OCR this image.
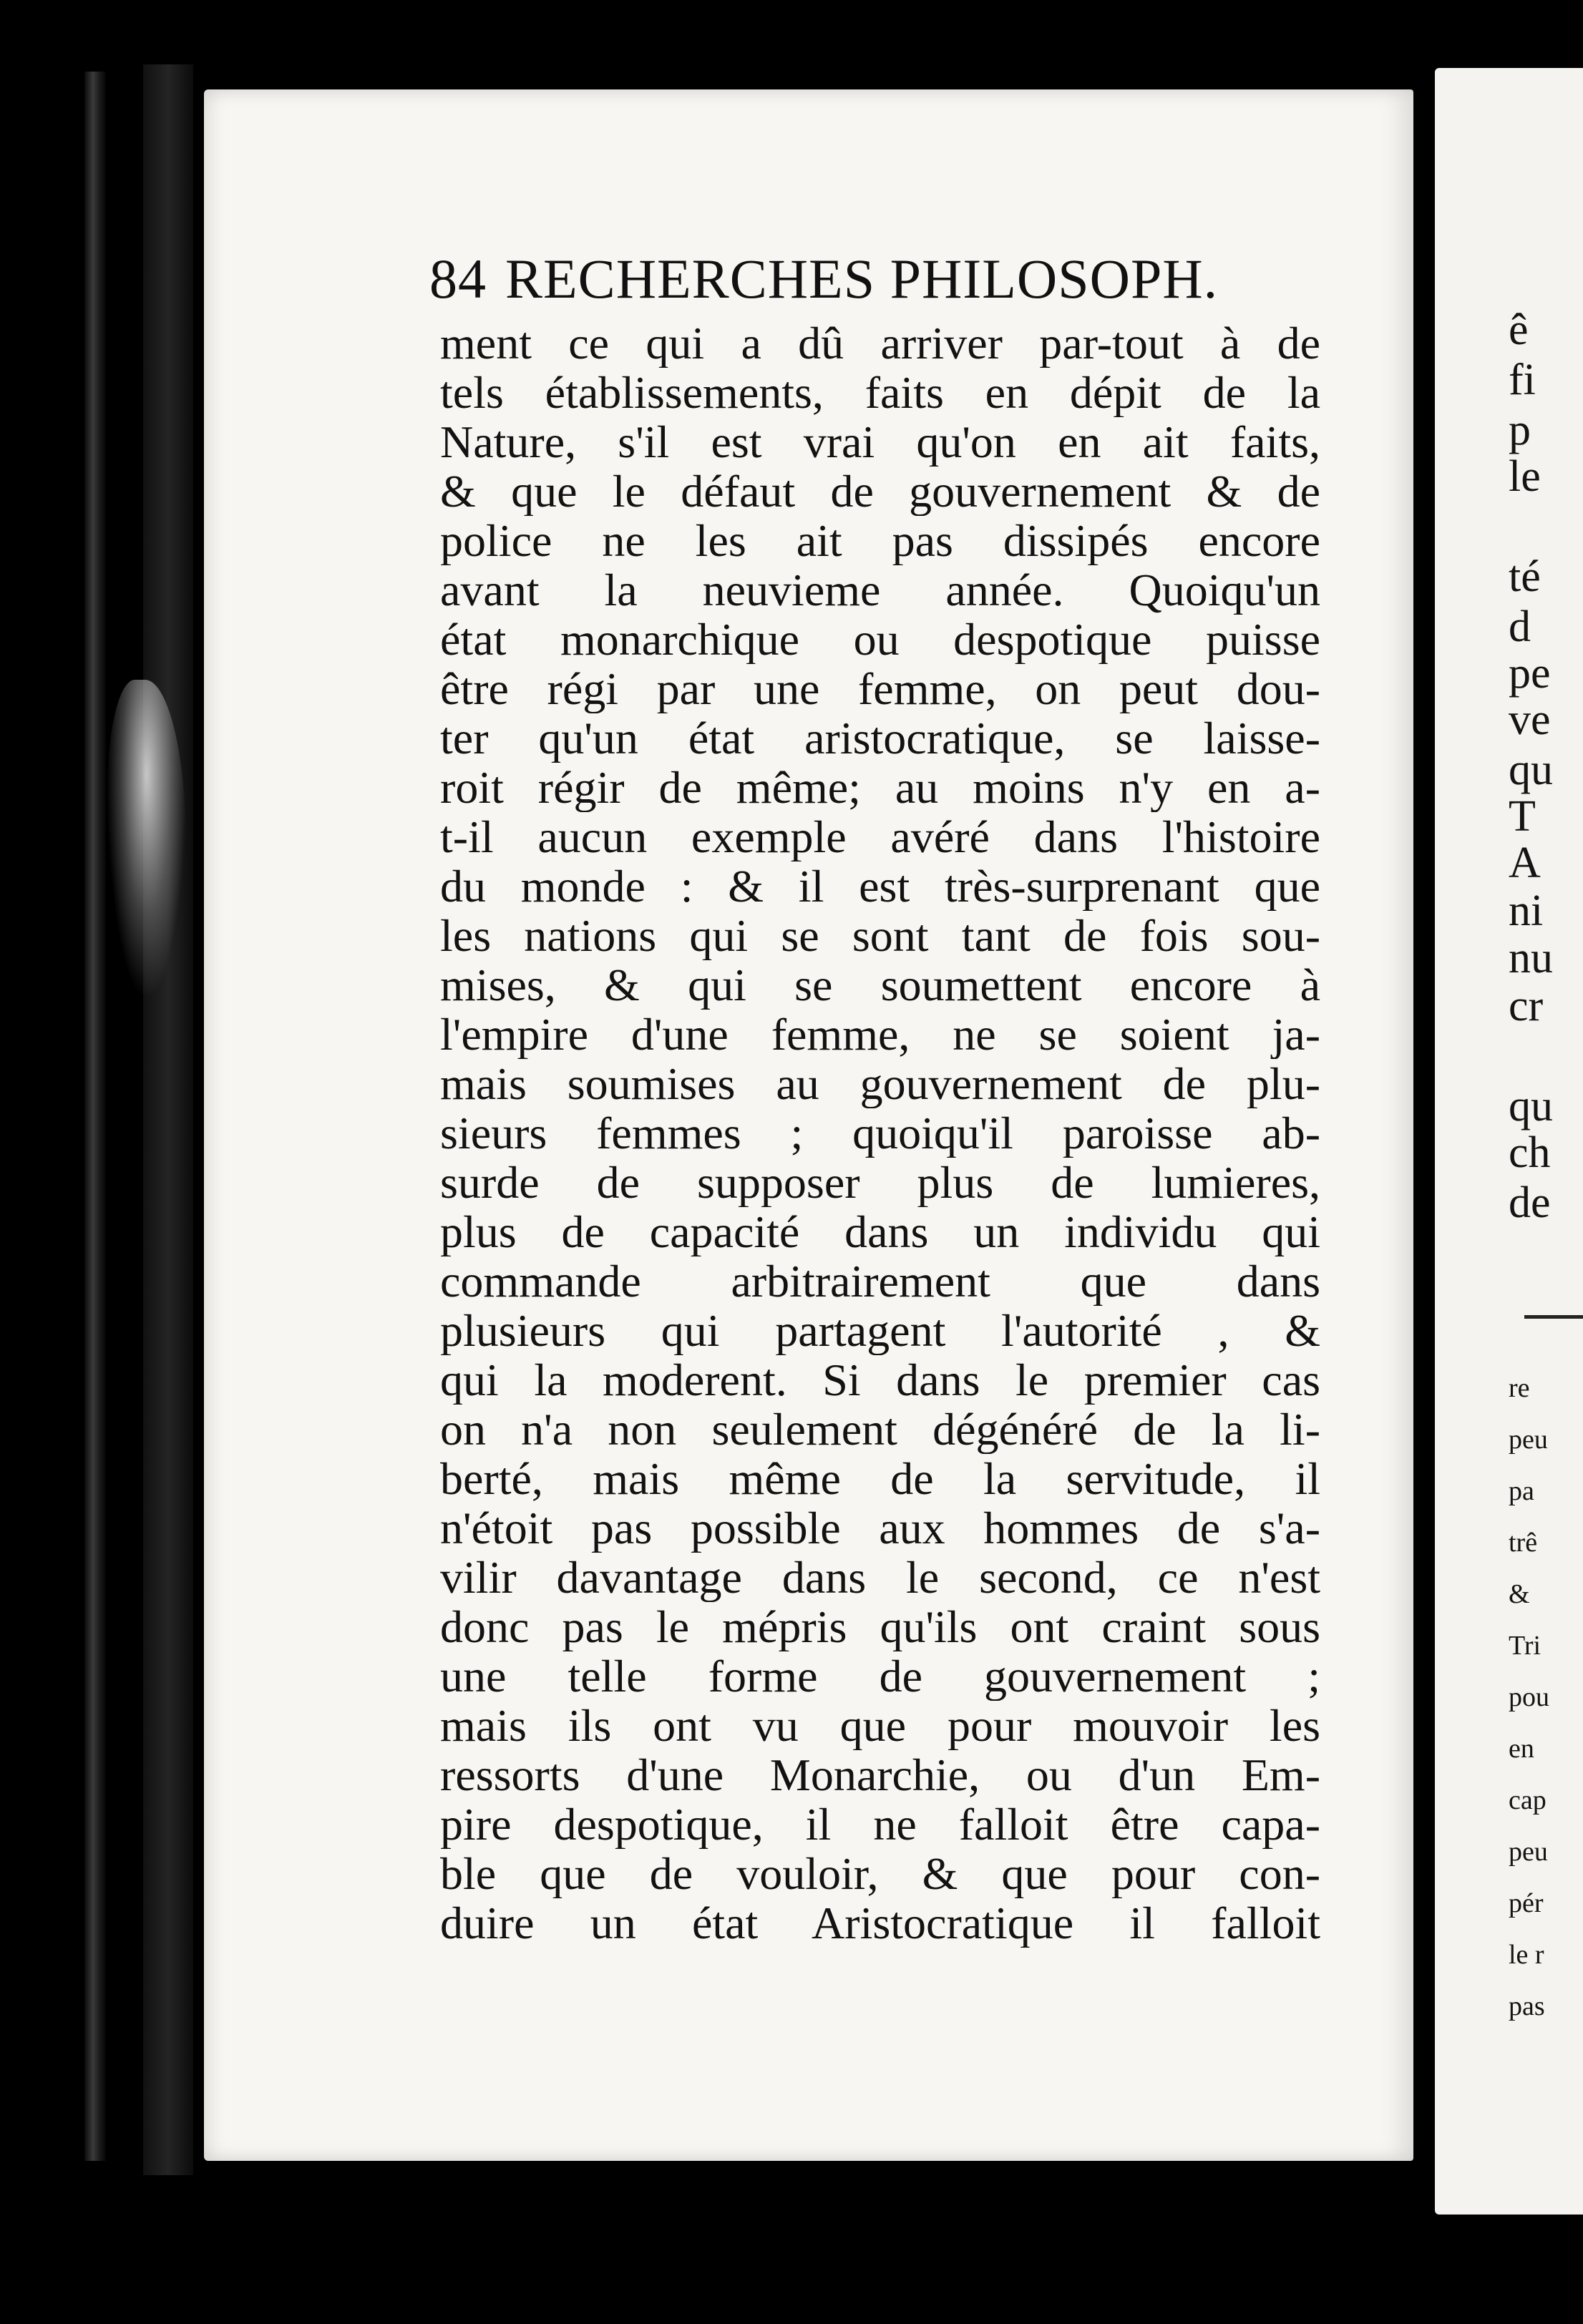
84 RECHERCHES PHILOSOPH.
ment ce qui a dû arriver par-tout à de
tels établissements, faits en dépit de la
Nature, s'il est vrai qu'on en ait faits,
& que le défaut de gouvernement & de
police ne les ait pas dissipés encore
avant la neuvieme année. Quoiqu'un
état monarchique ou despotique puisse
être régi par une femme, on peut dou-
ter qu'un état aristocratique, se laisse-
roit régir de même; au moins n'y en a-
t-il aucun exemple avéré dans l'histoire
du monde : & il est très-surprenant que
les nations qui se sont tant de fois sou-
mises, & qui se soumettent encore à
l'empire d'une femme, ne se soient ja-
mais soumises au gouvernement de plu-
sieurs femmes ; quoiqu'il paroisse ab-
surde de supposer plus de lumieres,
plus de capacité dans un individu qui
commande arbitrairement que dans
plusieurs qui partagent l'autorité , &
qui la moderent. Si dans le premier cas
on n'a non seulement dégénéré de la li-
berté, mais même de la servitude, il
n'étoit pas possible aux hommes de s'a-
vilir davantage dans le second, ce n'est
donc pas le mépris qu'ils ont craint sous
une telle forme de gouvernement ;
mais ils ont vu que pour mouvoir les
ressorts d'une Monarchie, ou d'un Em-
pire despotique, il ne falloit être capa-
ble que de vouloir, & que pour con-
duire un état Aristocratique il falloit
ê
fi
p
le
té
d
pe
ve
qu
T
A
ni
nu
cr
qu
ch
de
re
peu
pa
trê
&
Tri
pou
en
cap
peu
pér
le r
pas
